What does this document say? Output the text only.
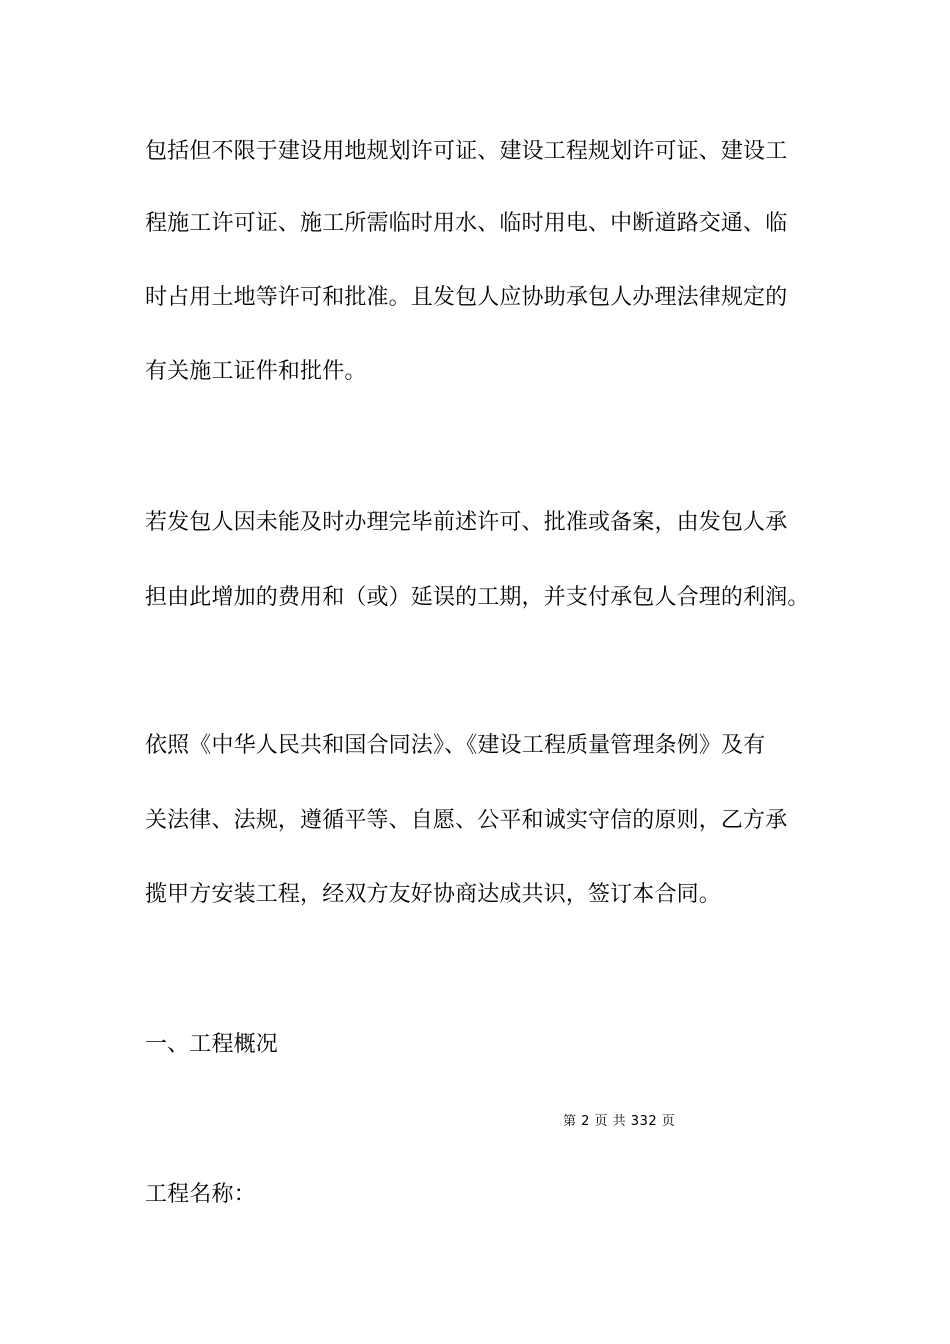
包括但不限于建设用地规划许可证、建设工程规划许可证、建设工
程施工许可证、施工所需临时用水、临时用电、中断道路交通、临
时占用土地等许可和批准。且发包人应协助承包人办理法律规定的
有关施工证件和批件。
若发包人因未能及时办理完毕前述许可、批准或备案，由发包人承
担由此增加的费用和（或）延误的工期，并支付承包人合理的利润。
依照《中华人民共和国合同法》、《建设工程质量管理条例》及有
关法律、法规，遵循平等、自愿、公平和诚实守信的原则，乙方承
揽甲方安装工程，经双方友好协商达成共识，签订本合同。
一、工程概况
第 2 页 共 332 页
工程名称：
